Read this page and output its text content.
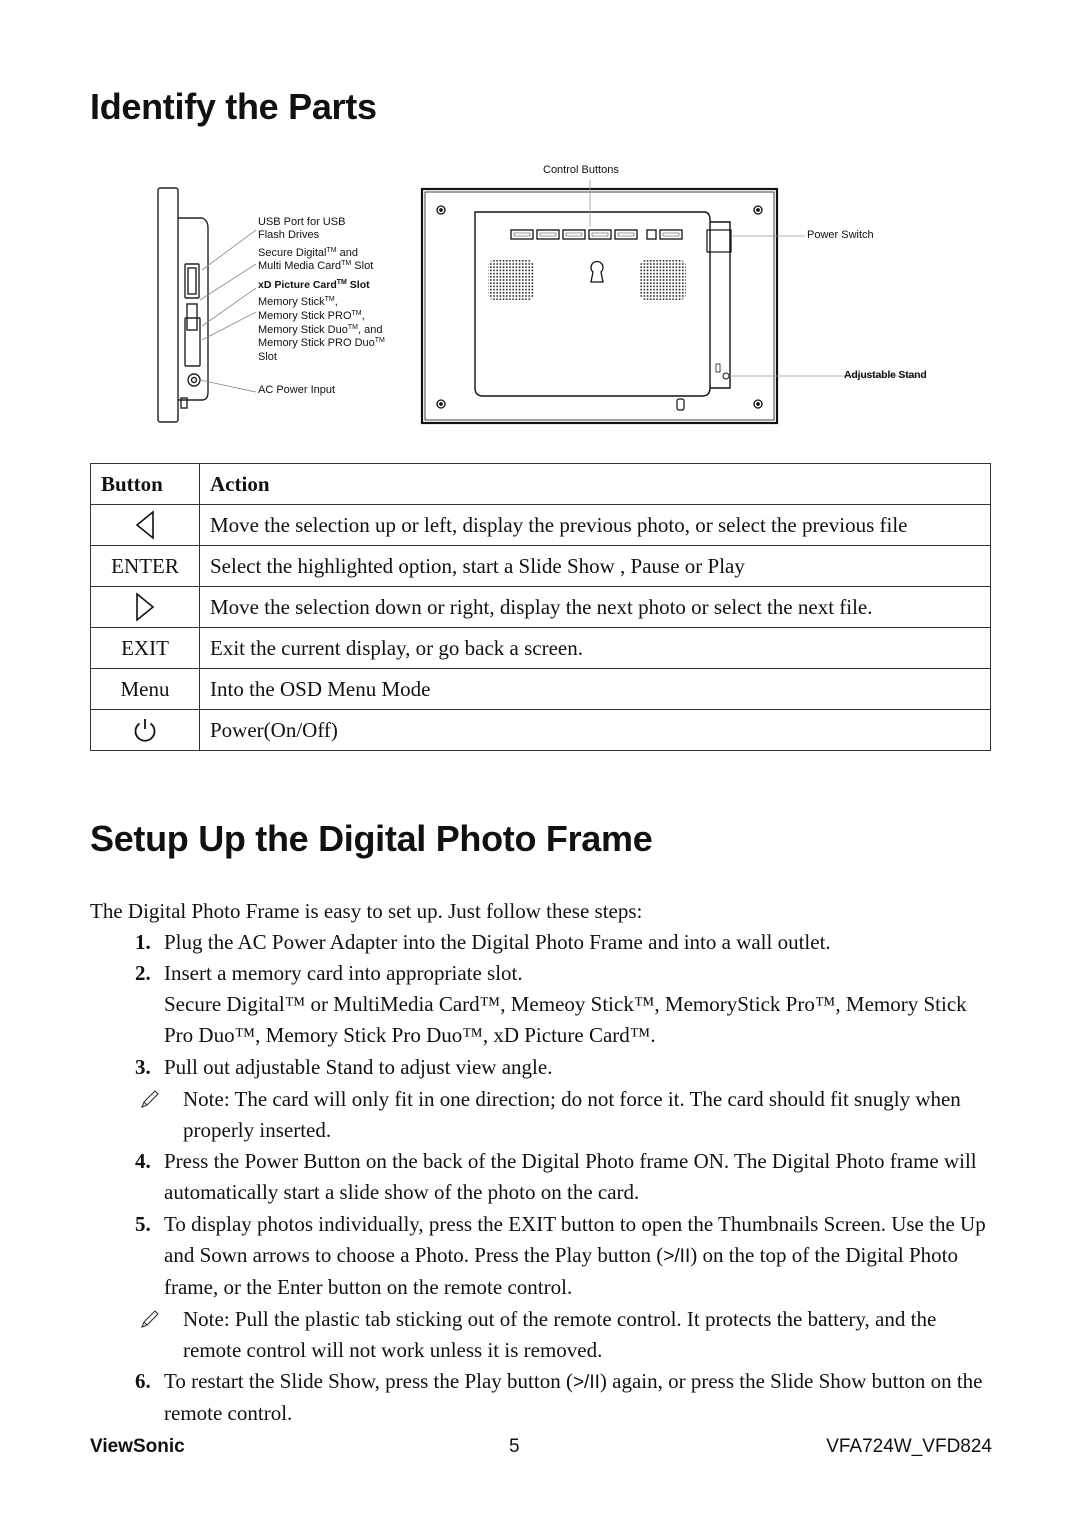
Identify the Parts
Control Buttons
Power Switch
Adjustable Stand
USB Port for USB
Flash Drives
Secure Digital™ and
Multi Media Card™ Slot
xD Picture Card™ Slot
Memory Stick™,
Memory Stick PRO™,
Memory Stick Duo™, and
Memory Stick PRO Duo™
Slot
AC Power Input
Button	Action

	Move the selection up or left, display the previous photo, or select the previous file
ENTER	Select the highlighted option, start a Slide Show , Pause or Play

	Move the selection down or right, display the next photo or select the next file.
EXIT	Exit the current display, or go back a screen.
Menu	Into the OSD Menu Mode

	Power(On/Off)
Setup Up the Digital Photo Frame
The Digital Photo Frame is easy to set up. Just follow these steps:
1. Plug the AC Power Adapter into the Digital Photo Frame and into a wall outlet.
2. Insert a memory card into appropriate slot.
Secure Digital™ or MultiMedia Card™, Memeoy Stick™, MemoryStick Pro™, Memory Stick Pro Duo™, Memory Stick Pro Duo™, xD Picture Card™.
3. Pull out adjustable Stand to adjust view angle.
Note: The card will only fit in one direction; do not force it. The card should fit snugly when properly inserted.
4. Press the Power Button on the back of the Digital Photo frame ON. The Digital Photo frame will automatically start a slide show of the photo on the card.
5. To display photos individually, press the EXIT button to open the Thumbnails Screen. Use the Up and Sown arrows to choose a Photo. Press the Play button (>/II) on the top of the Digital Photo frame, or the Enter button on the remote control.
Note: Pull the plastic tab sticking out of the remote control. It protects the battery, and the remote control will not work unless it is removed.
6. To restart the Slide Show, press the Play button (>/II) again, or press the Slide Show button on the remote control.
ViewSonic	5	VFA724W_VFD824
